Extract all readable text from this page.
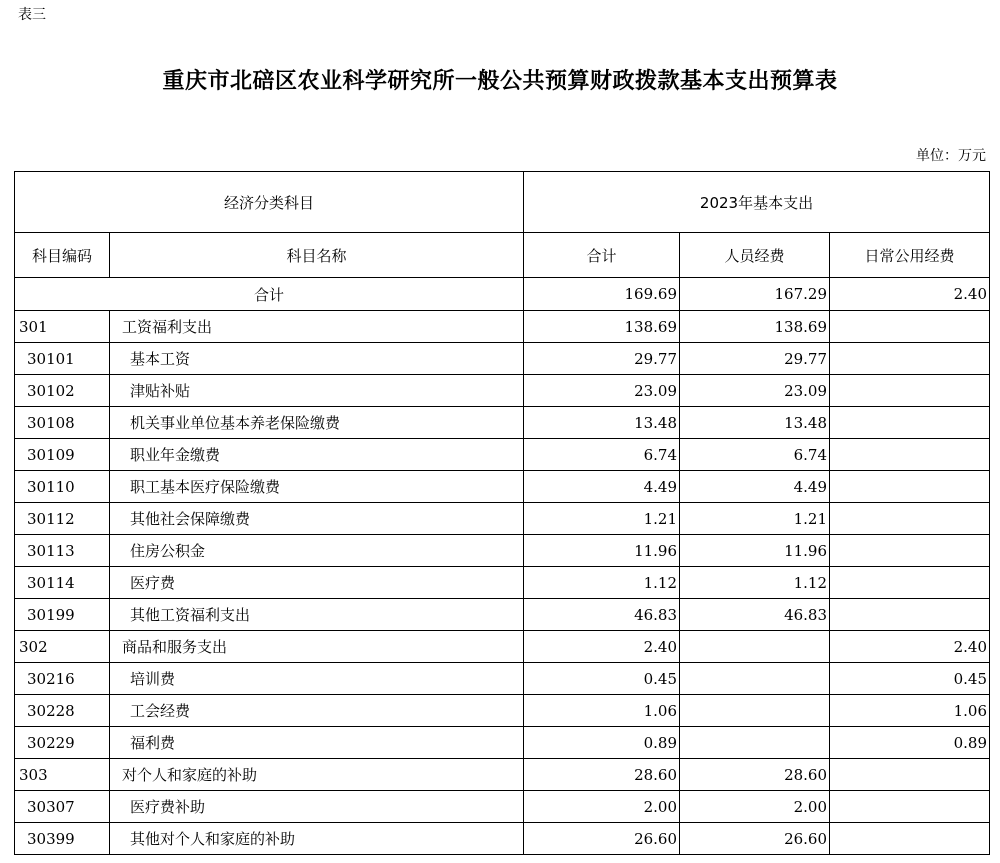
表三
重庆市北碚区农业科学研究所一般公共预算财政拨款基本支出预算表
单位：万元
经济分类科目		2023年基本支出		
科目编码	科目名称	合计	人员经费	日常公用经费
合计		169.69	167.29	2.40
301	工资福利支出	138.69	138.69	
30101	基本工资	29.77	29.77	
30102	津贴补贴	23.09	23.09	
30108	机关事业单位基本养老保险缴费	13.48	13.48	
30109	职业年金缴费	6.74	6.74	
30110	职工基本医疗保险缴费	4.49	4.49	
30112	其他社会保障缴费	1.21	1.21	
30113	住房公积金	11.96	11.96	
30114	医疗费	1.12	1.12	
30199	其他工资福利支出	46.83	46.83	
302	商品和服务支出	2.40		2.40
30216	培训费	0.45		0.45
30228	工会经费	1.06		1.06
30229	福利费	0.89		0.89
303	对个人和家庭的补助	28.60	28.60	
30307	医疗费补助	2.00	2.00	
30399	其他对个人和家庭的补助	26.60	26.60	
